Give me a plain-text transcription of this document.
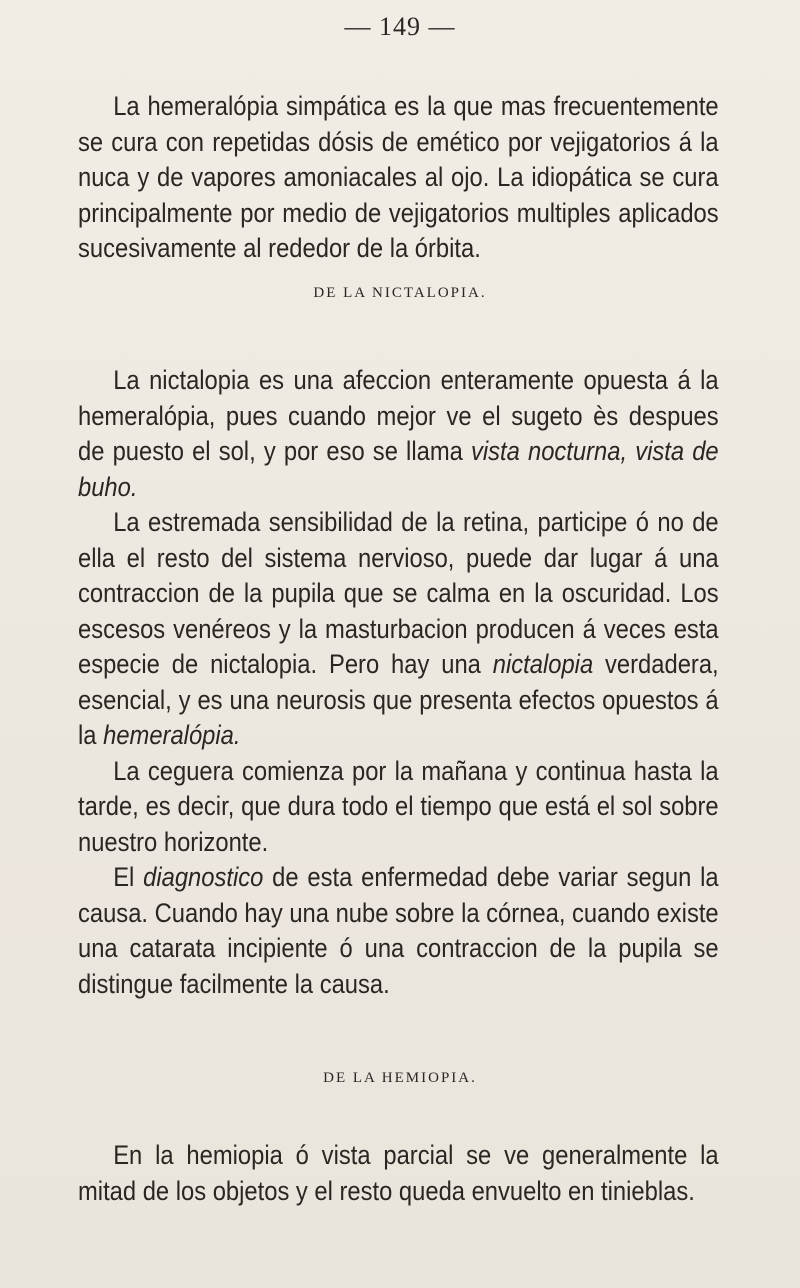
— 149 —

La hemeralópia simpática es la que mas frecuentemente se cura con repetidas dósis de emético por vejigatorios á la nuca y de vapores amoniacales al ojo. La idiopática se cura principalmente por medio de vejigatorios multiples aplicados sucesivamente al rededor de la órbita.

DE LA NICTALOPIA.

La nictalopia es una afeccion enteramente opuesta á la hemeralópia, pues cuando mejor ve el sugeto ès despues de puesto el sol, y por eso se llama vista nocturna, vista de buho.

La estremada sensibilidad de la retina, participe ó no de ella el resto del sistema nervioso, puede dar lugar á una contraccion de la pupila que se calma en la oscuridad. Los escesos venéreos y la masturbacion producen á veces esta especie de nictalopia. Pero hay una nictalopia verdadera, esencial, y es una neurosis que presenta efectos opuestos á la hemeralópia.

La ceguera comienza por la mañana y continua hasta la tarde, es decir, que dura todo el tiempo que está el sol sobre nuestro horizonte.

El diagnostico de esta enfermedad debe variar segun la causa. Cuando hay una nube sobre la córnea, cuando existe una catarata incipiente ó una contraccion de la pupila se distingue facilmente la causa.

DE LA HEMIOPIA.

En la hemiopia ó vista parcial se ve generalmente la mitad de los objetos y el resto queda envuelto en tinieblas.
